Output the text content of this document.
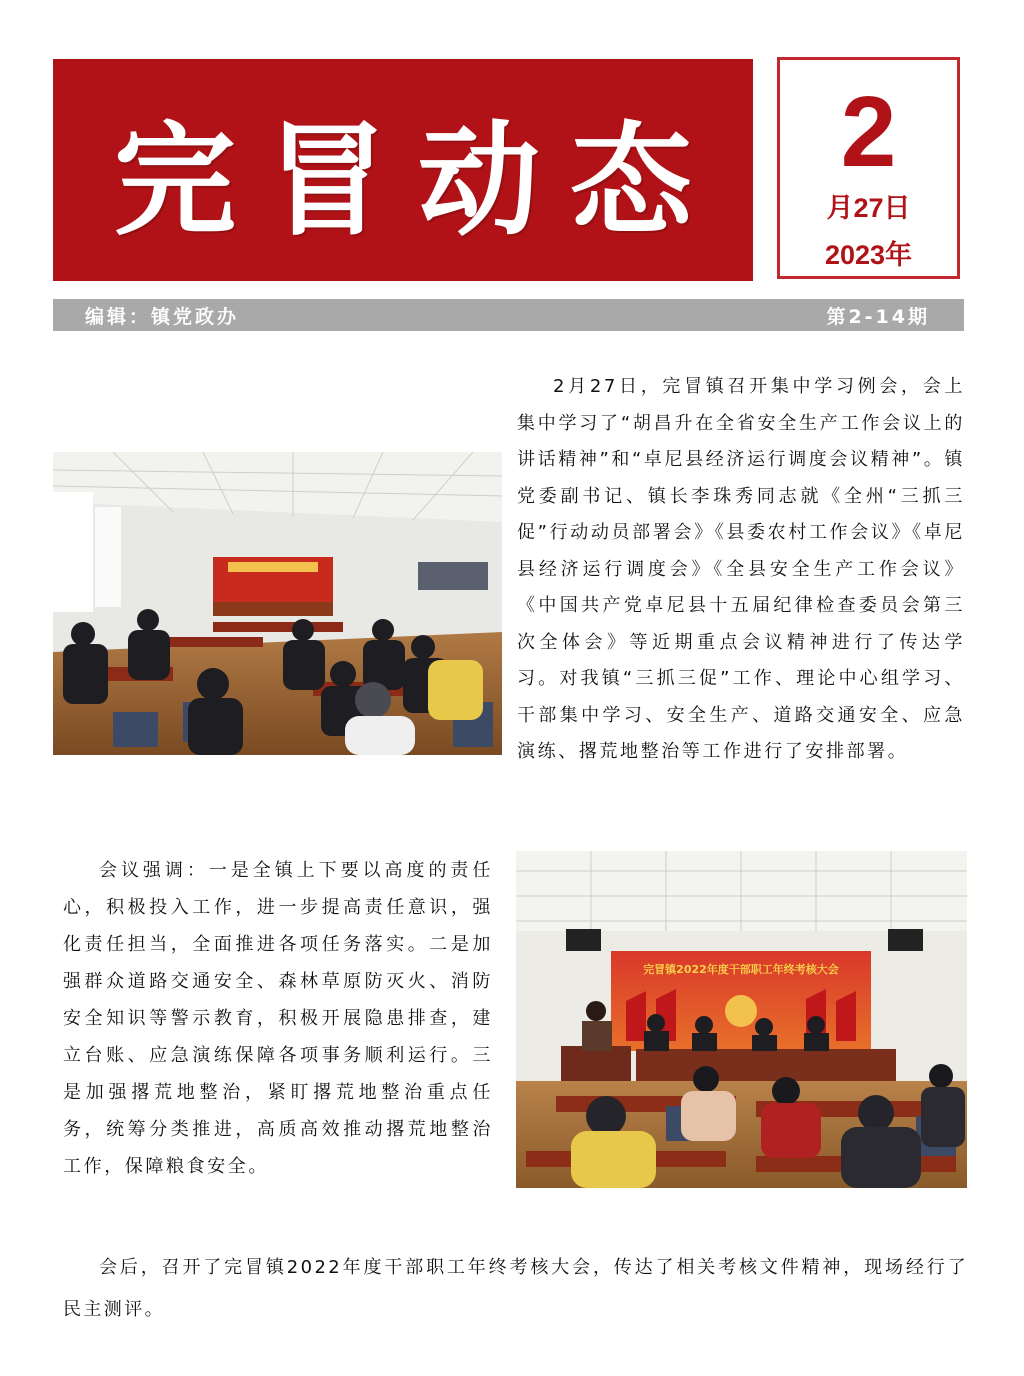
完冒动态 2
月27日
2023年
编辑：镇党政办	第2-14期

2月27日，完冒镇召开集中学习例会，会上集中学习了“胡昌升在全省安全生产工作会议上的讲话精神”和“卓尼县经济运行调度会议精神”。镇党委副书记、镇长李珠秀同志就《全州“三抓三促”行动动员部署会》《县委农村工作会议》《卓尼县经济运行调度会》《全县安全生产工作会议》《中国共产党卓尼县十五届纪律检查委员会第三次全体会》等近期重点会议精神进行了传达学习。对我镇“三抓三促”工作、理论中心组学习、干部集中学习、安全生产、道路交通安全、应急演练、撂荒地整治等工作进行了安排部署。

会议强调：一是全镇上下要以高度的责任心，积极投入工作，进一步提高责任意识，强化责任担当，全面推进各项任务落实。二是加强群众道路交通安全、森林草原防灭火、消防安全知识等警示教育，积极开展隐患排查，建立台账、应急演练保障各项事务顺利运行。三是加强撂荒地整治，紧盯撂荒地整治重点任务，统筹分类推进，高质高效推动撂荒地整治工作，保障粮食安全。

完冒镇2022年度干部职工年终考核大会

会后，召开了完冒镇2022年度干部职工年终考核大会，传达了相关考核文件精神，现场经行了民主测评。
